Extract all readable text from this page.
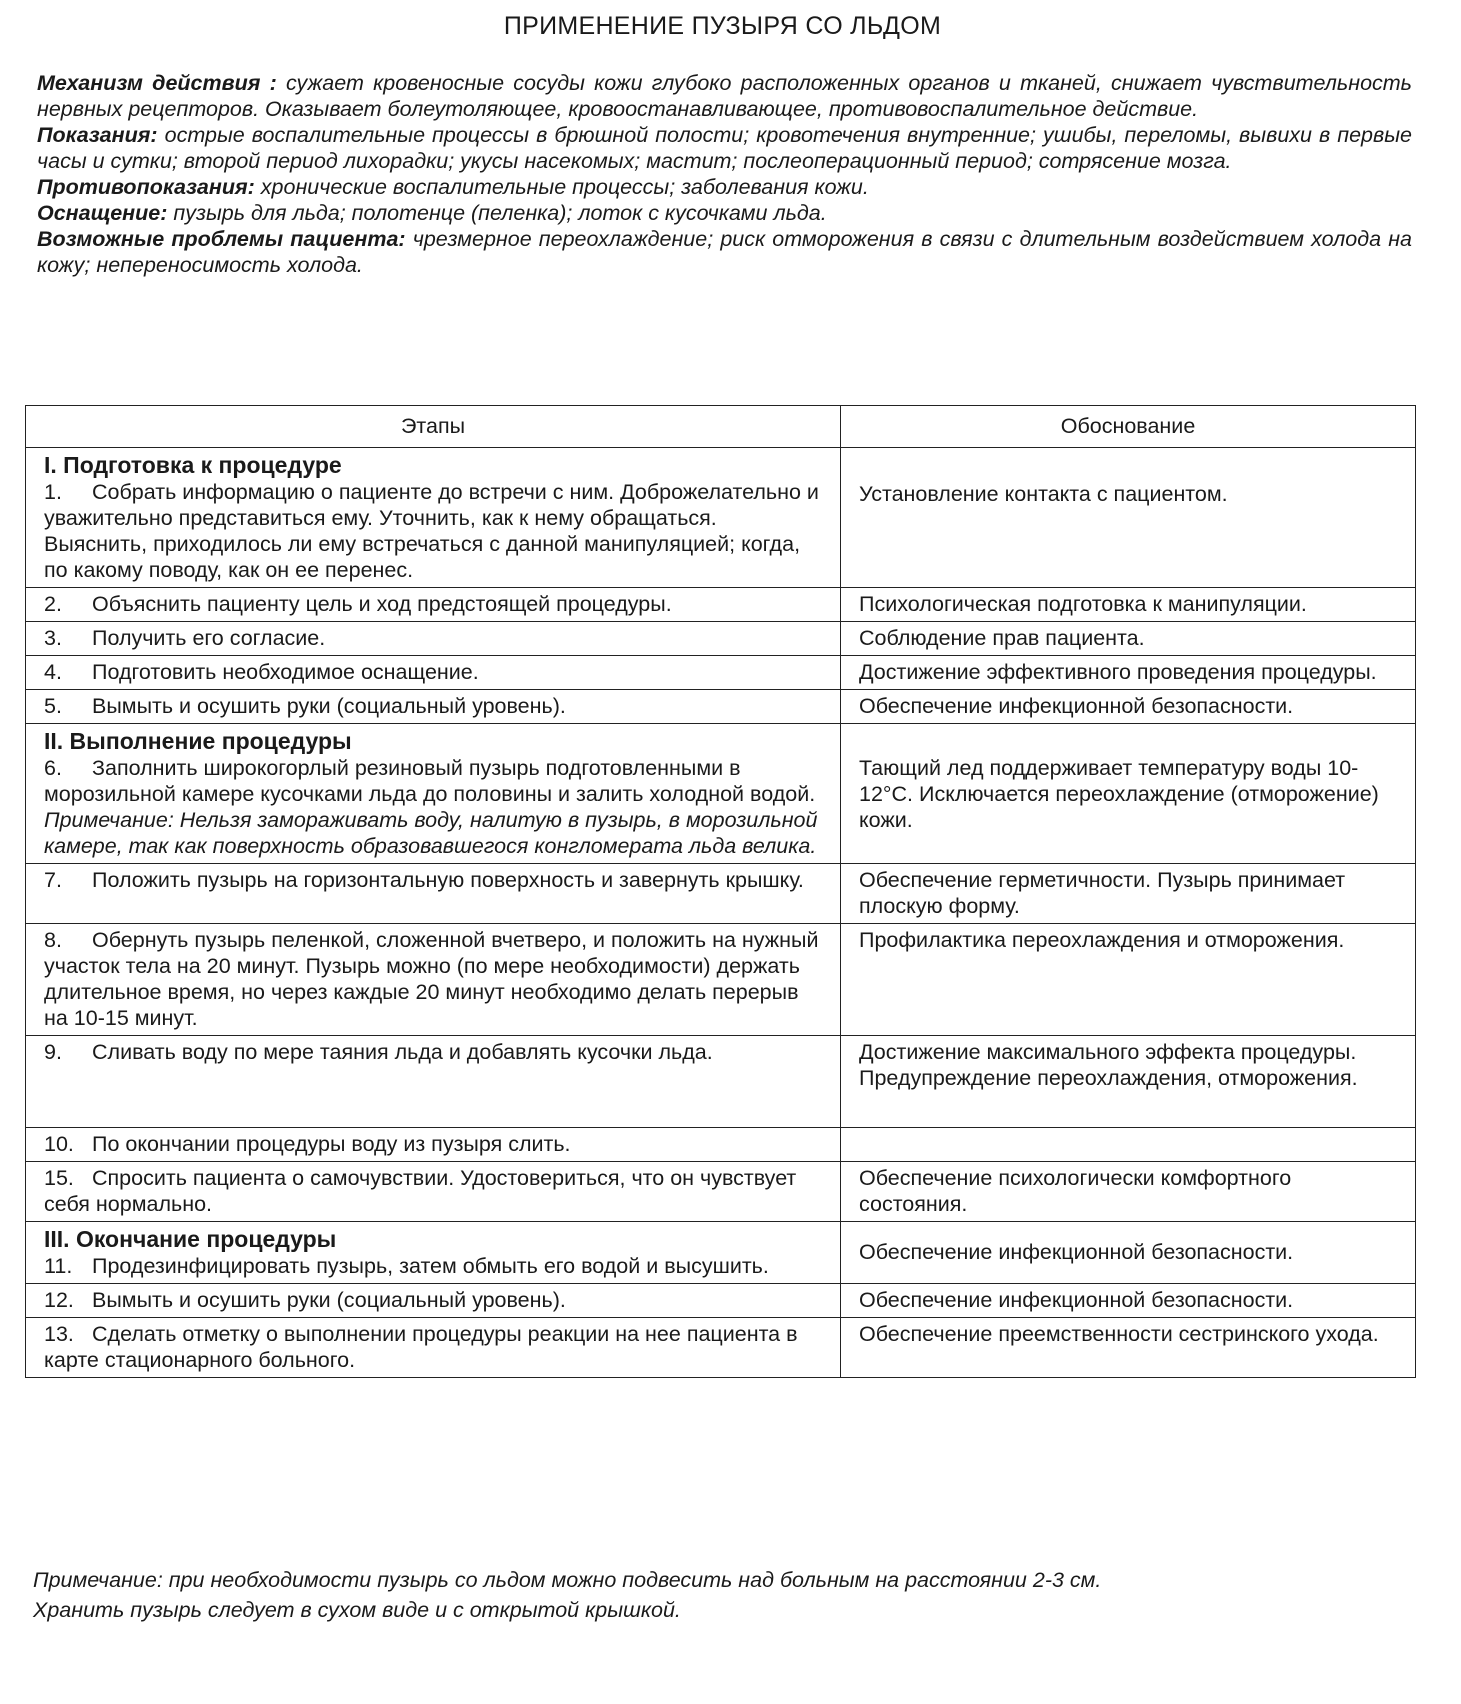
ПРИМЕНЕНИЕ ПУЗЫРЯ СО ЛЬДОМ

Механизм действия : сужает кровеносные сосуды кожи глубоко расположенных органов и тканей, снижает чувствительность нервных рецепторов. Оказывает болеутоляющее, кровоостанавливающее, противовоспалительное действие.

Показания: острые воспалительные процессы в брюшной полости; кровотечения внутренние; ушибы, переломы, вывихи в первые часы и сутки; второй период лихорадки; укусы насекомых; мастит; послеоперационный период; сотрясение мозга.

Противопоказания: хронические воспалительные процессы; заболевания кожи.

Оснащение: пузырь для льда; полотенце (пеленка); лоток с кусочками льда.

Возможные проблемы пациента: чрезмерное переохлаждение; риск отморожения в связи с длительным воздействием холода на кожу; непереносимость холода.

Этапы	Обоснование

I. Подготовка к процедуре
1. Собрать информацию о пациенте до встречи с ним. Доброжелательно и уважительно представиться ему. Уточнить, как к нему обращаться. Выяснить, приходилось ли ему встречаться с данной манипуляцией; когда, по какому поводу, как он ее перенес.	Установление контакта с пациентом.

2. Объяснить пациенту цель и ход предстоящей процедуры.	Психологическая подготовка к манипуляции.
3. Получить его согласие.	Соблюдение прав пациента.
4. Подготовить необходимое оснащение.	Достижение эффективного проведения процедуры.
5. Вымыть и осушить руки (социальный уровень).	Обеспечение инфекционной безопасности.

II. Выполнение процедуры
6. Заполнить широкогорлый резиновый пузырь подготовленными в морозильной камере кусочками льда до половины и залить холодной водой.
Примечание: Нельзя замораживать воду, налитую в пузырь, в морозильной камере, так как поверхность образовавшегося конгломерата льда велика.	Тающий лед поддерживает температуру воды 10-12°С. Исключается переохлаждение (отморожение) кожи.

7. Положить пузырь на горизонтальную поверхность и завернуть крышку.	Обеспечение герметичности. Пузырь принимает плоскую форму.
8. Обернуть пузырь пеленкой, сложенной вчетверо, и положить на нужный участок тела на 20 минут. Пузырь можно (по мере необходимости) держать длительное время, но через каждые 20 минут необходимо делать перерыв на 10-15 минут.	Профилактика переохлаждения и отморожения.
9. Сливать воду по мере таяния льда и добавлять кусочки льда.	Достижение максимального эффекта процедуры. Предупреждение переохлаждения, отморожения.
10. По окончании процедуры воду из пузыря слить.	
15. Спросить пациента о самочувствии. Удостовериться, что он чувствует себя нормально.	Обеспечение психологически комфортного состояния.

III. Окончание процедуры
11. Продезинфицировать пузырь, затем обмыть его водой и высушить.	Обеспечение инфекционной безопасности.
12. Вымыть и осушить руки (социальный уровень).	Обеспечение инфекционной безопасности.
13. Сделать отметку о выполнении процедуры реакции на нее пациента в карте стационарного больного.	Обеспечение преемственности сестринского ухода.

Примечание: при необходимости пузырь со льдом можно подвесить над больным на расстоянии 2-3 см.

Хранить пузырь следует в сухом виде и с открытой крышкой.
